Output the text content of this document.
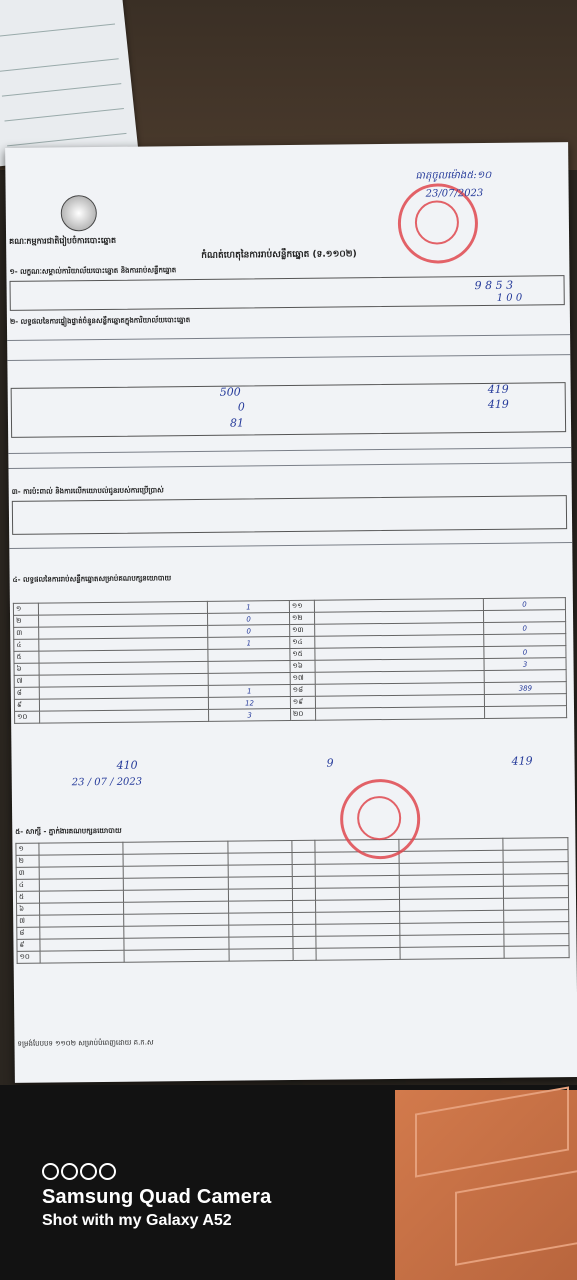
គណៈកម្មការជាតិរៀបចំការបោះឆ្នោត
កំណត់ហេតុនៃការរាប់សន្លឹកឆ្នោត (ទ.១១០២)
១- លក្ខណៈសម្គាល់ការិយាល័យបោះឆ្នោត និងការរាប់សន្លឹកឆ្នោត
9 8 5 3
1 0 0
២- លទ្ធផលនៃការផ្ទៀងផ្ទាត់ចំនួនសន្លឹកឆ្នោតក្នុងការិយាល័យបោះឆ្នោត
500
0
81
419
419
៣- ការប៉ះពាល់ និងការលើកយោបល់ជូនរបស់ការប្រើប្រាស់
៤- លទ្ធផលនៃការរាប់សន្លឹកឆ្នោតសម្រាប់គណបក្សនយោបាយ
១		1	១១		0
២		0	១២		
៣		0	១៣		0
៤		1	១៤		
៥			១៥		0
៦			១៦		3
៧			១៧		
៨		1	១៨		389
៩		12	១៩		
១០		3	២០		
410	9	419
23 / 07 / 2023
៥- សាក្សី - ភ្នាក់ងារគណបក្សនយោបាយ
១							
២							
៣							
៤							
៥							
៦							
៧							
៨							
៩							
១០							
ទម្រង់បែបបទ ១១០២ សម្រាប់បំពេញដោយ គ.ក.ស
ធាតុចូលម៉ោង៥:១០
23/07/2023
Samsung Quad Camera
Shot with my Galaxy A52
